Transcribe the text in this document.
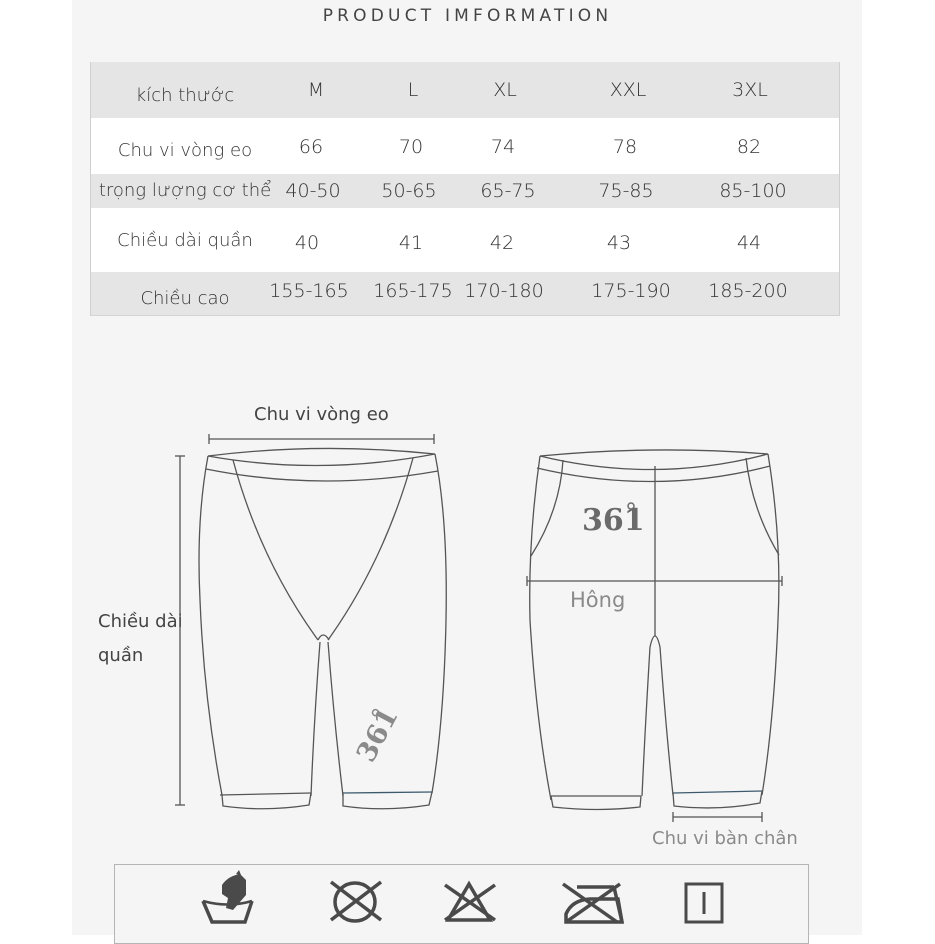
PRODUCT IMFORMATION
kích thước	M	L	XL	XXL	3XL
Chu vi vòng eo 66	70	74	78	82
trọng lượng cơ thể 40-50 50-65 65-75	75-85	85-100
Chiều dài quần 40	41	42	43	44
Chiều cao 155-165 165-175 170-180	175-190 185-200
Chu vi vòng eo
Chiều dài
quần
Hông
Chu vi bàn chân
361
361
